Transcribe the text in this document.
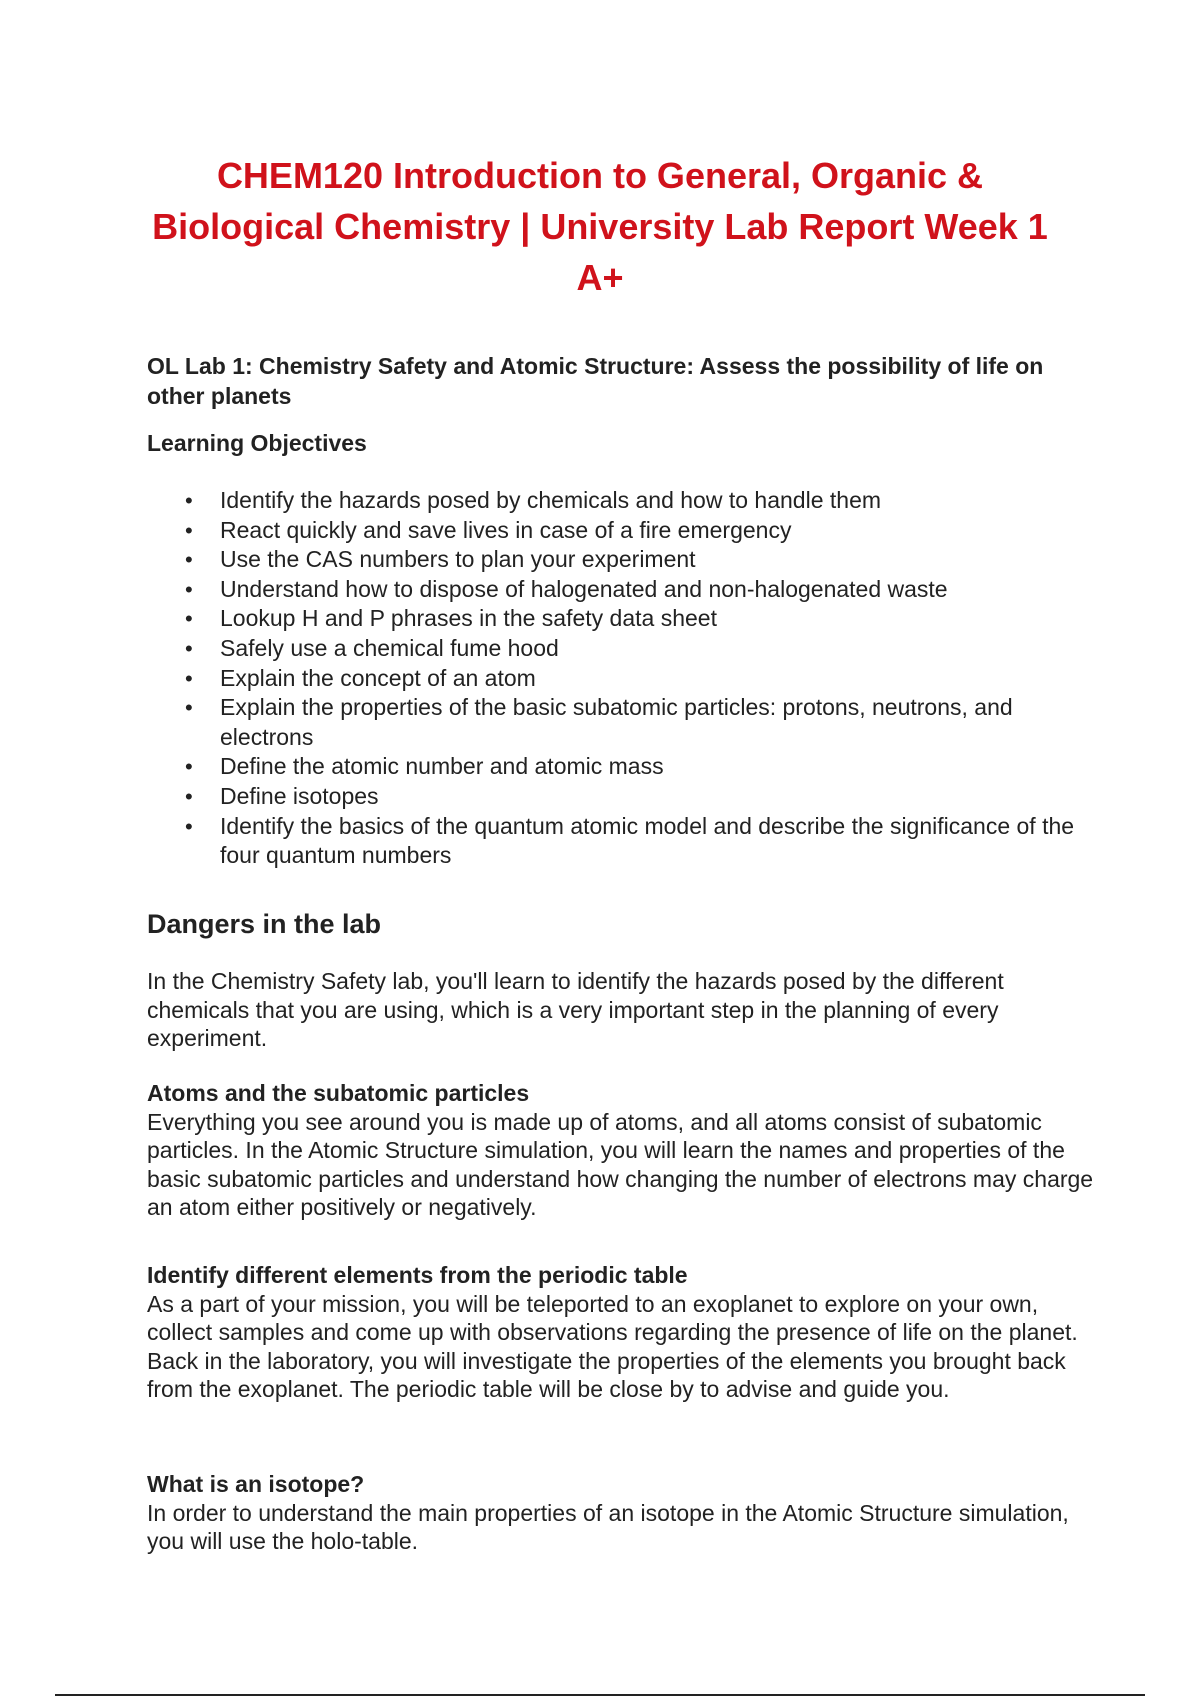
CHEM120 Introduction to General, Organic &
Biological Chemistry | University Lab Report Week 1
A+

OL Lab 1: Chemistry Safety and Atomic Structure: Assess the possibility of life on other planets

Learning Objectives

• Identify the hazards posed by chemicals and how to handle them
• React quickly and save lives in case of a fire emergency
• Use the CAS numbers to plan your experiment
• Understand how to dispose of halogenated and non-halogenated waste
• Lookup H and P phrases in the safety data sheet
• Safely use a chemical fume hood
• Explain the concept of an atom
• Explain the properties of the basic subatomic particles: protons, neutrons, and electrons
• Define the atomic number and atomic mass
• Define isotopes
• Identify the basics of the quantum atomic model and describe the significance of the four quantum numbers
Dangers in the lab

In the Chemistry Safety lab, you'll learn to identify the hazards posed by the different chemicals that you are using, which is a very important step in the planning of every experiment.

Atoms and the subatomic particles
Everything you see around you is made up of atoms, and all atoms consist of subatomic particles. In the Atomic Structure simulation, you will learn the names and properties of the basic subatomic particles and understand how changing the number of electrons may charge an atom either positively or negatively.
Identify different elements from the periodic table
As a part of your mission, you will be teleported to an exoplanet to explore on your own, collect samples and come up with observations regarding the presence of life on the planet. Back in the laboratory, you will investigate the properties of the elements you brought back from the exoplanet. The periodic table will be close by to advise and guide you.
What is an isotope?
In order to understand the main properties of an isotope in the Atomic Structure simulation, you will use the holo-table.
